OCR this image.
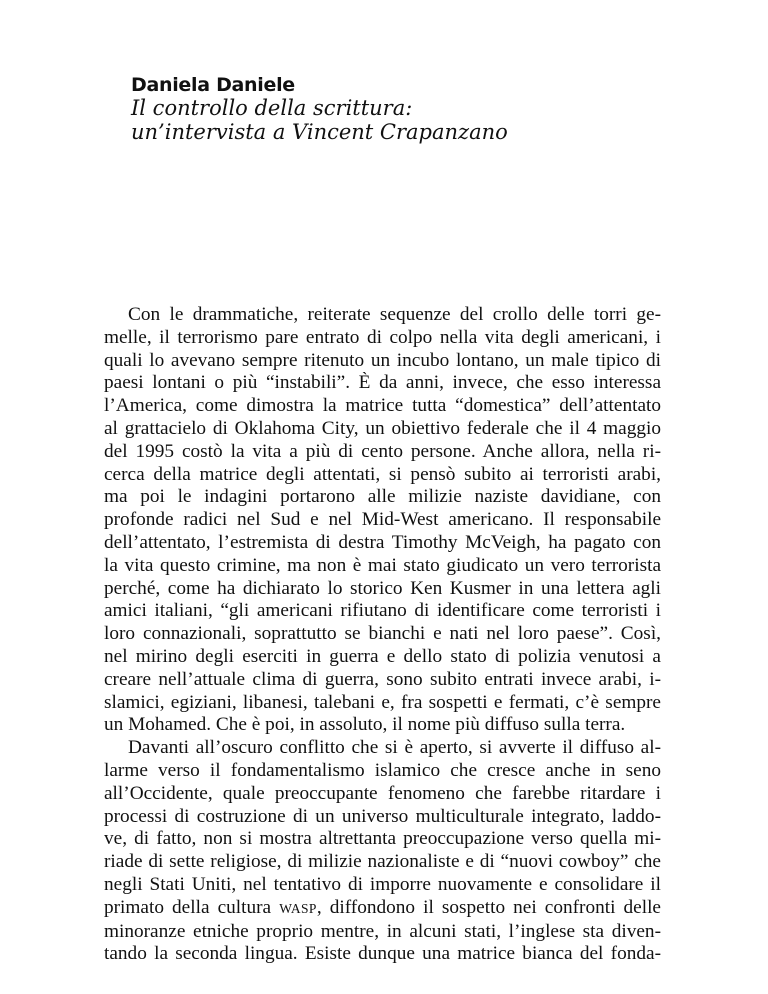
Daniela Daniele
Il controllo della scrittura:
un’intervista a Vincent Crapanzano
Con le drammatiche, reiterate sequenze del crollo delle torri ge-
melle, il terrorismo pare entrato di colpo nella vita degli americani, i
quali lo avevano sempre ritenuto un incubo lontano, un male tipico di
paesi lontani o più “instabili”. È da anni, invece, che esso interessa
l’America, come dimostra la matrice tutta “domestica” dell’attentato
al grattacielo di Oklahoma City, un obiettivo federale che il 4 maggio
del 1995 costò la vita a più di cento persone. Anche allora, nella ri-
cerca della matrice degli attentati, si pensò subito ai terroristi arabi,
ma poi le indagini portarono alle milizie naziste davidiane, con
profonde radici nel Sud e nel Mid-West americano. Il responsabile
dell’attentato, l’estremista di destra Timothy McVeigh, ha pagato con
la vita questo crimine, ma non è mai stato giudicato un vero terrorista
perché, come ha dichiarato lo storico Ken Kusmer in una lettera agli
amici italiani, “gli americani rifiutano di identificare come terroristi i
loro connazionali, soprattutto se bianchi e nati nel loro paese”. Così,
nel mirino degli eserciti in guerra e dello stato di polizia venutosi a
creare nell’attuale clima di guerra, sono subito entrati invece arabi, i-
slamici, egiziani, libanesi, talebani e, fra sospetti e fermati, c’è sempre
un Mohamed. Che è poi, in assoluto, il nome più diffuso sulla terra.
Davanti all’oscuro conflitto che si è aperto, si avverte il diffuso al-
larme verso il fondamentalismo islamico che cresce anche in seno
all’Occidente, quale preoccupante fenomeno che farebbe ritardare i
processi di costruzione di un universo multiculturale integrato, laddo-
ve, di fatto, non si mostra altrettanta preoccupazione verso quella mi-
riade di sette religiose, di milizie nazionaliste e di “nuovi cowboy” che
negli Stati Uniti, nel tentativo di imporre nuovamente e consolidare il
primato della cultura WASP, diffondono il sospetto nei confronti delle
minoranze etniche proprio mentre, in alcuni stati, l’inglese sta diven-
tando la seconda lingua. Esiste dunque una matrice bianca del fonda-
